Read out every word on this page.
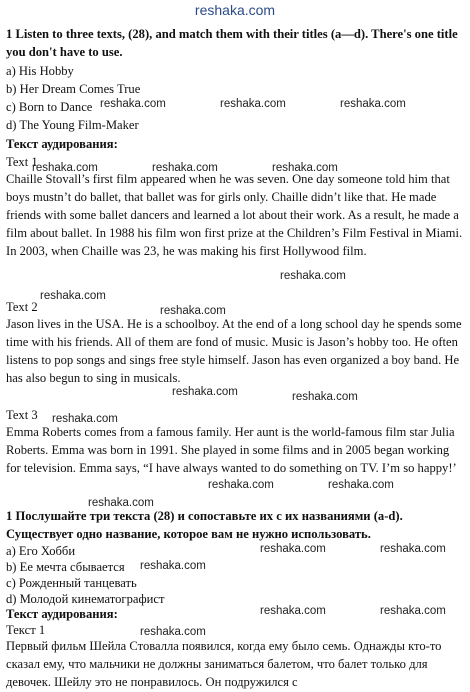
reshaka.com
1 Listen to three texts, (28), and match them with their titles (a—d). There's one title you don't have to use.
a) His Hobby
b) Her Dream Comes True
c) Born to Dance
d) The Young Film-Maker
Текст аудирования:
Text 1
Chaille Stovall’s first film appeared when he was seven. One day someone told him that boys mustn’t do ballet, that ballet was for girls only. Chaille didn’t like that. He made friends with some ballet dancers and learned a lot about their work. As a result, he made a film about ballet. In 1988 his film won first prize at the Children’s Film Festival in Miami. In 2003, when Chaille was 23, he was making his first Hollywood film.
Text 2
Jason lives in the USA. He is a schoolboy. At the end of a long school day he spends some time with his friends. All of them are fond of music. Music is Jason’s hobby too. He often listens to pop songs and sings free style himself. Jason has even organized a boy band. He has also begun to sing in musicals.
Text 3
Emma Roberts comes from a famous family. Her aunt is the world-famous film star Julia Roberts. Emma was born in 1991. She played in some films and in 2005 began working for television. Emma says, “I have always wanted to do something on TV. I’m so happy!’
1 Послушайте три текста (28) и сопоставьте их с их названиями (a-d). Существует одно название, которое вам не нужно использовать.
a) Его Хобби
b) Ее мечта сбывается
c) Рожденный танцевать
d) Молодой кинематографист
Текст аудирования:
Текст 1
Первый фильм Шейла Стовалла появился, когда ему было семь. Однажды кто-то сказал ему, что мальчики не должны заниматься балетом, что балет только для девочек. Шейлу это не понравилось. Он подружился с
reshaka.com	reshaka.com	reshaka.com
reshaka.com	reshaka.com	reshaka.com
reshaka.com
reshaka.com
reshaka.com
reshaka.com	reshaka.com
reshaka.com
reshaka.com	reshaka.com
reshaka.com
reshaka.com	reshaka.com
reshaka.com
reshaka.com	reshaka.com
reshaka.com
